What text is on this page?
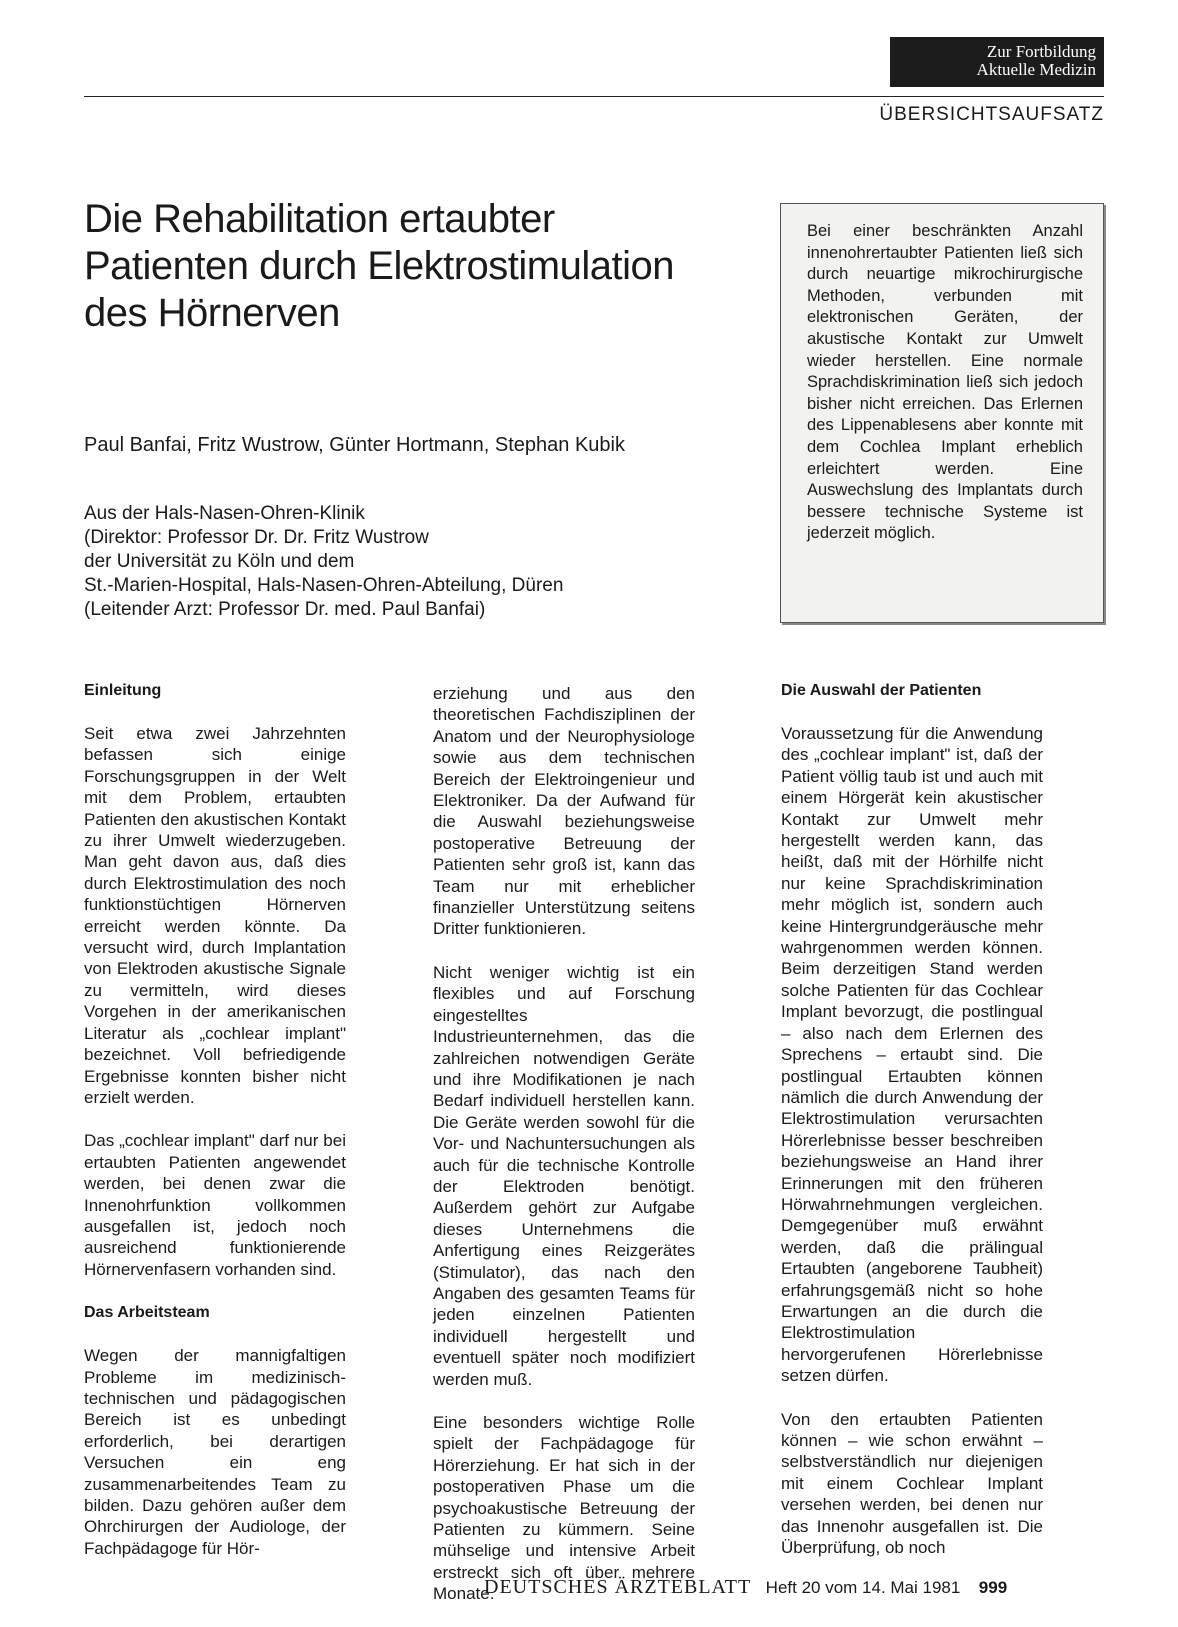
Zur Fortbildung
Aktuelle Medizin
ÜBERSICHTSAUFSATZ
Die Rehabilitation ertaubter Patienten durch Elektrostimulation des Hörnerven
Paul Banfai, Fritz Wustrow, Günter Hortmann, Stephan Kubik
Aus der Hals-Nasen-Ohren-Klinik
(Direktor: Professor Dr. Dr. Fritz Wustrow
der Universität zu Köln und dem
St.-Marien-Hospital, Hals-Nasen-Ohren-Abteilung, Düren
(Leitender Arzt: Professor Dr. med. Paul Banfai)

Bei einer beschränkten Anzahl innenohrertaubter Patienten ließ sich durch neuartige mikrochirurgische Methoden, verbunden mit elektronischen Geräten, der akustische Kontakt zur Umwelt wieder herstellen. Eine normale Sprachdiskrimination ließ sich jedoch bisher nicht erreichen. Das Erlernen des Lippenablesens aber konnte mit dem Cochlea Implant erheblich erleichtert werden. Eine Auswechslung des Implantats durch bessere technische Systeme ist jederzeit möglich.

Einleitung

Seit etwa zwei Jahrzehnten befassen sich einige Forschungsgruppen in der Welt mit dem Problem, ertaubten Patienten den akustischen Kontakt zu ihrer Umwelt wiederzugeben. Man geht davon aus, daß dies durch Elektrostimulation des noch funktionstüchtigen Hörnerven erreicht werden könnte. Da versucht wird, durch Implantation von Elektroden akustische Signale zu vermitteln, wird dieses Vorgehen in der amerikanischen Literatur als „cochlear implant" bezeichnet. Voll befriedigende Ergebnisse konnten bisher nicht erzielt werden.

Das „cochlear implant" darf nur bei ertaubten Patienten angewendet werden, bei denen zwar die Innenohrfunktion vollkommen ausgefallen ist, jedoch noch ausreichend funktionierende Hörnervenfasern vorhanden sind.

Das Arbeitsteam

Wegen der mannigfaltigen Probleme im medizinisch-technischen und pädagogischen Bereich ist es unbedingt erforderlich, bei derartigen Versuchen ein eng zusammenarbeitendes Team zu bilden. Dazu gehören außer dem Ohrchirurgen der Audiologe, der Fachpädagoge für Hör-

erziehung und aus den theoretischen Fachdisziplinen der Anatom und der Neurophysiologe sowie aus dem technischen Bereich der Elektroingenieur und Elektroniker. Da der Aufwand für die Auswahl beziehungsweise postoperative Betreuung der Patienten sehr groß ist, kann das Team nur mit erheblicher finanzieller Unterstützung seitens Dritter funktionieren.

Nicht weniger wichtig ist ein flexibles und auf Forschung eingestelltes Industrieunternehmen, das die zahlreichen notwendigen Geräte und ihre Modifikationen je nach Bedarf individuell herstellen kann. Die Geräte werden sowohl für die Vor- und Nachuntersuchungen als auch für die technische Kontrolle der Elektroden benötigt. Außerdem gehört zur Aufgabe dieses Unternehmens die Anfertigung eines Reizgerätes (Stimulator), das nach den Angaben des gesamten Teams für jeden einzelnen Patienten individuell hergestellt und eventuell später noch modifiziert werden muß.

Eine besonders wichtige Rolle spielt der Fachpädagoge für Hörerziehung. Er hat sich in der postoperativen Phase um die psychoakustische Betreuung der Patienten zu kümmern. Seine mühselige und intensive Arbeit erstreckt sich oft über mehrere Monate.

Die Auswahl der Patienten

Voraussetzung für die Anwendung des „cochlear implant" ist, daß der Patient völlig taub ist und auch mit einem Hörgerät kein akustischer Kontakt zur Umwelt mehr hergestellt werden kann, das heißt, daß mit der Hörhilfe nicht nur keine Sprachdiskrimination mehr möglich ist, sondern auch keine Hintergrundgeräusche mehr wahrgenommen werden können. Beim derzeitigen Stand werden solche Patienten für das Cochlear Implant bevorzugt, die postlingual – also nach dem Erlernen des Sprechens – ertaubt sind. Die postlingual Ertaubten können nämlich die durch Anwendung der Elektrostimulation verursachten Hörerlebnisse besser beschreiben beziehungsweise an Hand ihrer Erinnerungen mit den früheren Hörwahrnehmungen vergleichen. Demgegenüber muß erwähnt werden, daß die prälingual Ertaubten (angeborene Taubheit) erfahrungsgemäß nicht so hohe Erwartungen an die durch die Elektrostimulation hervorgerufenen Hörerlebnisse setzen dürfen.

Von den ertaubten Patienten können – wie schon erwähnt – selbstverständlich nur diejenigen mit einem Cochlear Implant versehen werden, bei denen nur das Innenohr ausgefallen ist. Die Überprüfung, ob noch

DEUTSCHES ÄRZTEBLATT Heft 20 vom 14. Mai 1981 999
